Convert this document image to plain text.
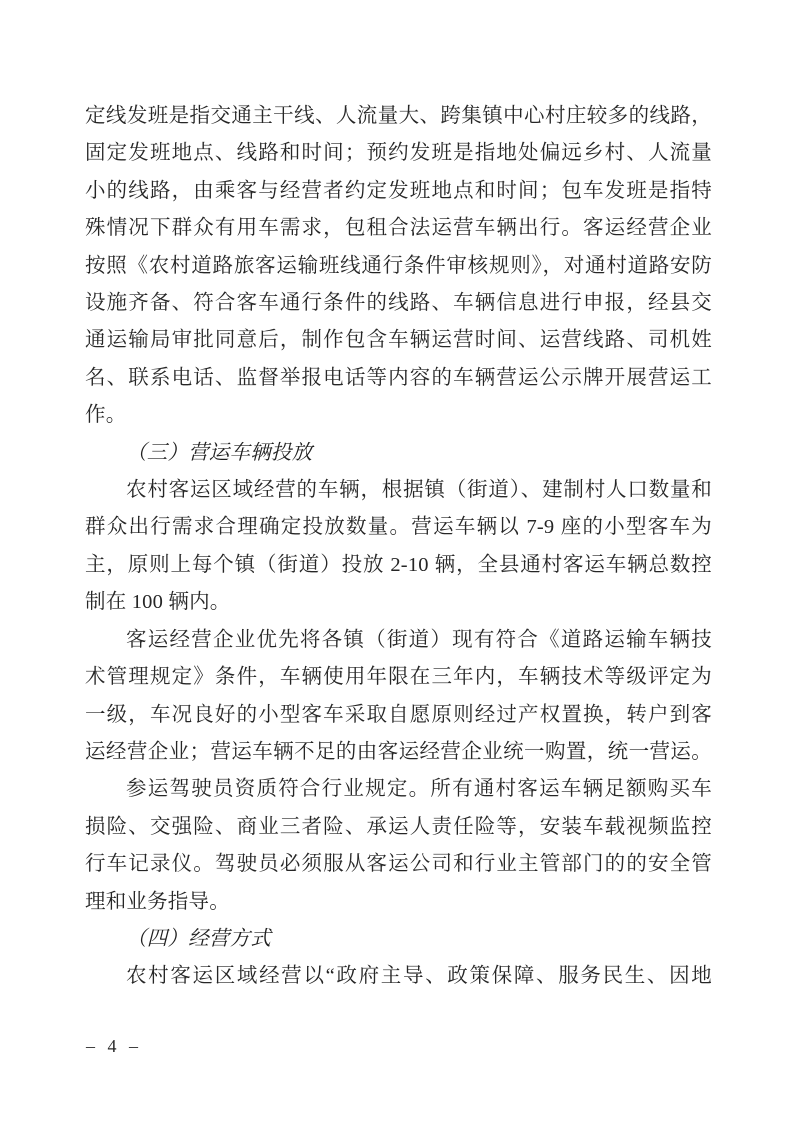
定线发班是指交通主干线、人流量大、跨集镇中心村庄较多的线路，
固定发班地点、线路和时间；预约发班是指地处偏远乡村、人流量
小的线路，由乘客与经营者约定发班地点和时间；包车发班是指特
殊情况下群众有用车需求，包租合法运营车辆出行。客运经营企业
按照《农村道路旅客运输班线通行条件审核规则》，对通村道路安防
设施齐备、符合客车通行条件的线路、车辆信息进行申报，经县交
通运输局审批同意后，制作包含车辆运营时间、运营线路、司机姓
名、联系电话、监督举报电话等内容的车辆营运公示牌开展营运工
作。
（三）营运车辆投放
农村客运区域经营的车辆，根据镇（街道）、建制村人口数量和
群众出行需求合理确定投放数量。营运车辆以 7-9 座的小型客车为
主，原则上每个镇（街道）投放 2-10 辆，全县通村客运车辆总数控
制在 100 辆内。
客运经营企业优先将各镇（街道）现有符合《道路运输车辆技
术管理规定》条件，车辆使用年限在三年内，车辆技术等级评定为
一级，车况良好的小型客车采取自愿原则经过产权置换，转户到客
运经营企业；营运车辆不足的由客运经营企业统一购置，统一营运。
参运驾驶员资质符合行业规定。所有通村客运车辆足额购买车
损险、交强险、商业三者险、承运人责任险等，安装车载视频监控
行车记录仪。驾驶员必须服从客运公司和行业主管部门的的安全管
理和业务指导。
（四）经营方式
农村客运区域经营以“政府主导、政策保障、服务民生、因地
– 4 –
